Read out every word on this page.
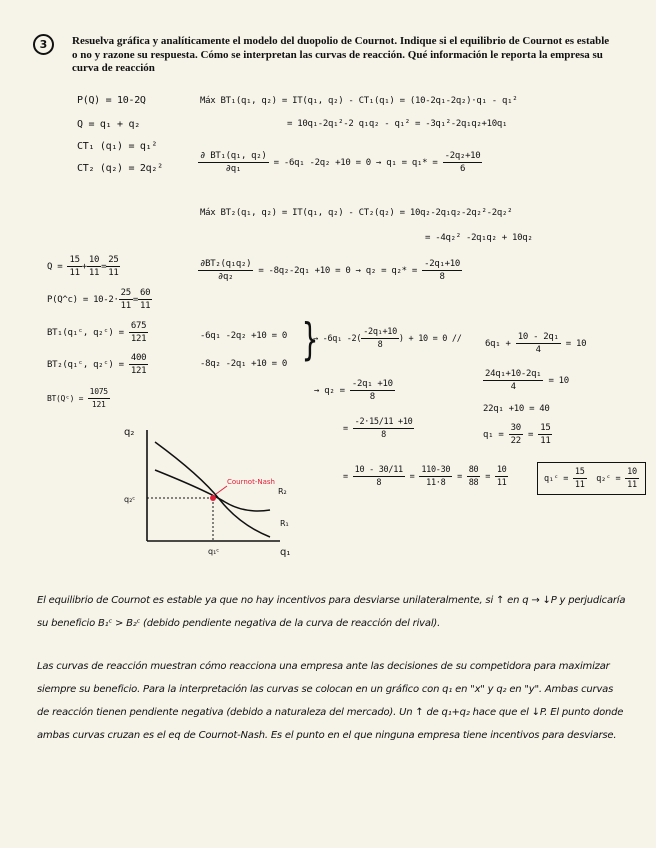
3	Resuelva gráfica y analíticamente el modelo del duopolio de Cournot. Indique si el equilibrio de Cournot es estable o no y razone su respuesta. Cómo se interpretan las curvas de reacción. Qué información le reporta la empresa su curva de reacción
P(Q) = 10-2Q
Q = q₁ + q₂
CT₁ (q₁) = q₁²
CT₂ (q₂) = 2q₂²
Máx BT₁(q₁, q₂) = IT(q₁, q₂) - CT₁(q₁) = (10-2q₁-2q₂)·q₁ - q₁²
= 10q₁-2q₁²-2 q₁q₂ - q₁² = -3q₁²-2q₁q₂+10q₁
$\frac{\text{∂ BT₁(q₁, q₂)}}{\text{∂q₁}} = -6q_1$ $-2q_2 +10 = 0 \to q_1 = q_1* = \frac{\text{-2q₂+10}}{6}$
Máx BT₂(q₁, q₂) = IT(q₁, q₂) - CT₂(q₂) = 10q₂-2q₁q₂-2q₂²-2q₂²
= -4q₂² -2q₁q₂ + 10q₂
$\frac{\text{∂BT₂(q₁q₂)}}{\text{∂q₂}} = -8q_2-2q_1 +10 = 0 \to q_2 = q_2* = \frac{\text{-2q₁+10}}{8}$
$Q = \frac{15}{11} + \frac{10}{11} = \frac{25}{11}$
P(Q^c) = $10-2\cdot \frac{25}{11} = \frac{60}{11}$
BT₁(q₁ᶜ, q₂ᶜ) = $\frac{675}{121}$
BT₂(q₁ᶜ, q₂ᶜ) = $\frac{400}{121}$
BT(Qᶜ) = $\frac{1075}{121}$
-6q₁ -2q₂ +10 = 0
-8q₂ -2q₁ +10 = 0 }
→ -6q₁ $-2( \frac{\text{-2q₁+10}}{8}$ ) + 10 = 0 //	$6q_1 + \frac{\text{10 - 2q₁}}{4} = 10$
$\frac{\text{24q₁+10-2q₁}}{4} = 10$
22q₁ +10 = 40
$q_1 = \frac{30}{22} = \frac{15}{11}$
→ $q_2 = \frac{\text{-2q₁ +10}}{8}$
= $\frac{-2\cdot 15/11 +10}{8}$
= $\frac{10 - 30/11}{8} = \frac{110-30}{11\cdot 8} = \frac{80}{88} = \frac{10}{11}$	q₁ᶜ = $\frac{15}{11}$ q₂ᶜ = $\frac{10}{11}$
q₂
q₁
q₂ᶜ
q₁ᶜ
Cournot-Nash
R₂
R₁
El equilibrio de Cournot es estable ya que no hay incentivos para desviarse unilateralmente, si ↑ en q → ↓P y perjudicaría su beneficio B₁ᶜ > B₂ᶜ (debido pendiente negativa de la curva de reacción del rival).
Las curvas de reacción muestran cómo reacciona una empresa ante las decisiones de su competidora para maximizar siempre su beneficio. Para la interpretación las curvas se colocan en un gráfico con q₁ en "x" y q₂ en "y". Ambas curvas de reacción tienen pendiente negativa (debido a naturaleza del mercado). Un ↑ de q₁+q₂ hace que el ↓P. El punto donde ambas curvas cruzan es el eq de Cournot-Nash. Es el punto en el que ninguna empresa tiene incentivos para desviarse.
